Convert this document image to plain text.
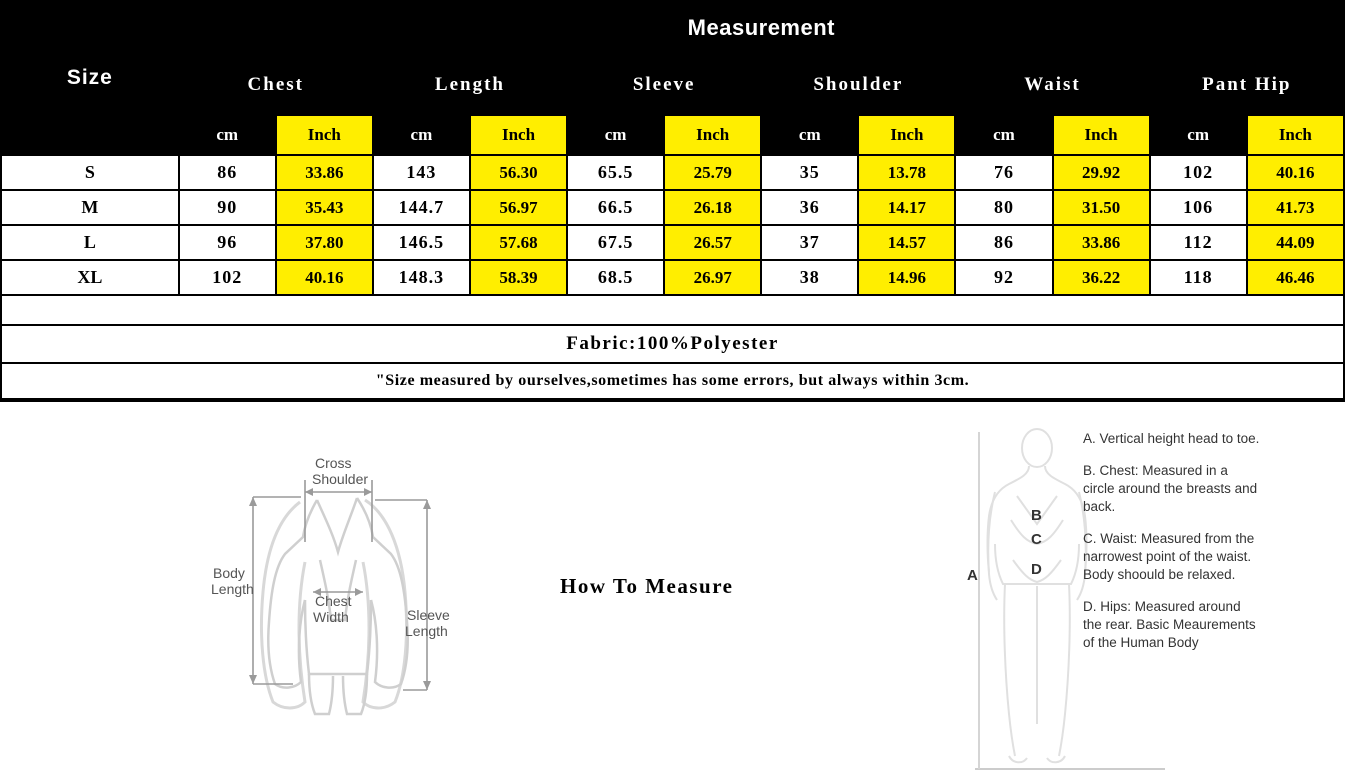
Size	Measurement											
	Chest		Length		Sleeve		Shoulder		Waist		Pant Hip	
	cm	Inch	cm	Inch	cm	Inch	cm	Inch	cm	Inch	cm	Inch
S	86	33.86	143	56.30	65.5	25.79	35	13.78	76	29.92	102	40.16
M	90	35.43	144.7	56.97	66.5	26.18	36	14.17	80	31.50	106	41.73
L	96	37.80	146.5	57.68	67.5	26.57	37	14.57	86	33.86	112	44.09
XL	102	40.16	148.3	58.39	68.5	26.97	38	14.96	92	36.22	118	46.46

Fabric:100%Polyester												
"Size measured by ourselves,sometimes has some errors, but always within 3cm.												
How To Measure
Cross
Shoulder
Body
Length
Chest
Width	Sleeve
Length
B
C
D
A

A. Vertical height head to toe.

B. Chest: Measured in a circle around the breasts and back.

C. Waist: Measured from the narrowest point of the waist. Body shoould be relaxed.

D. Hips: Measured around the rear. Basic Meaurements of the Human Body
